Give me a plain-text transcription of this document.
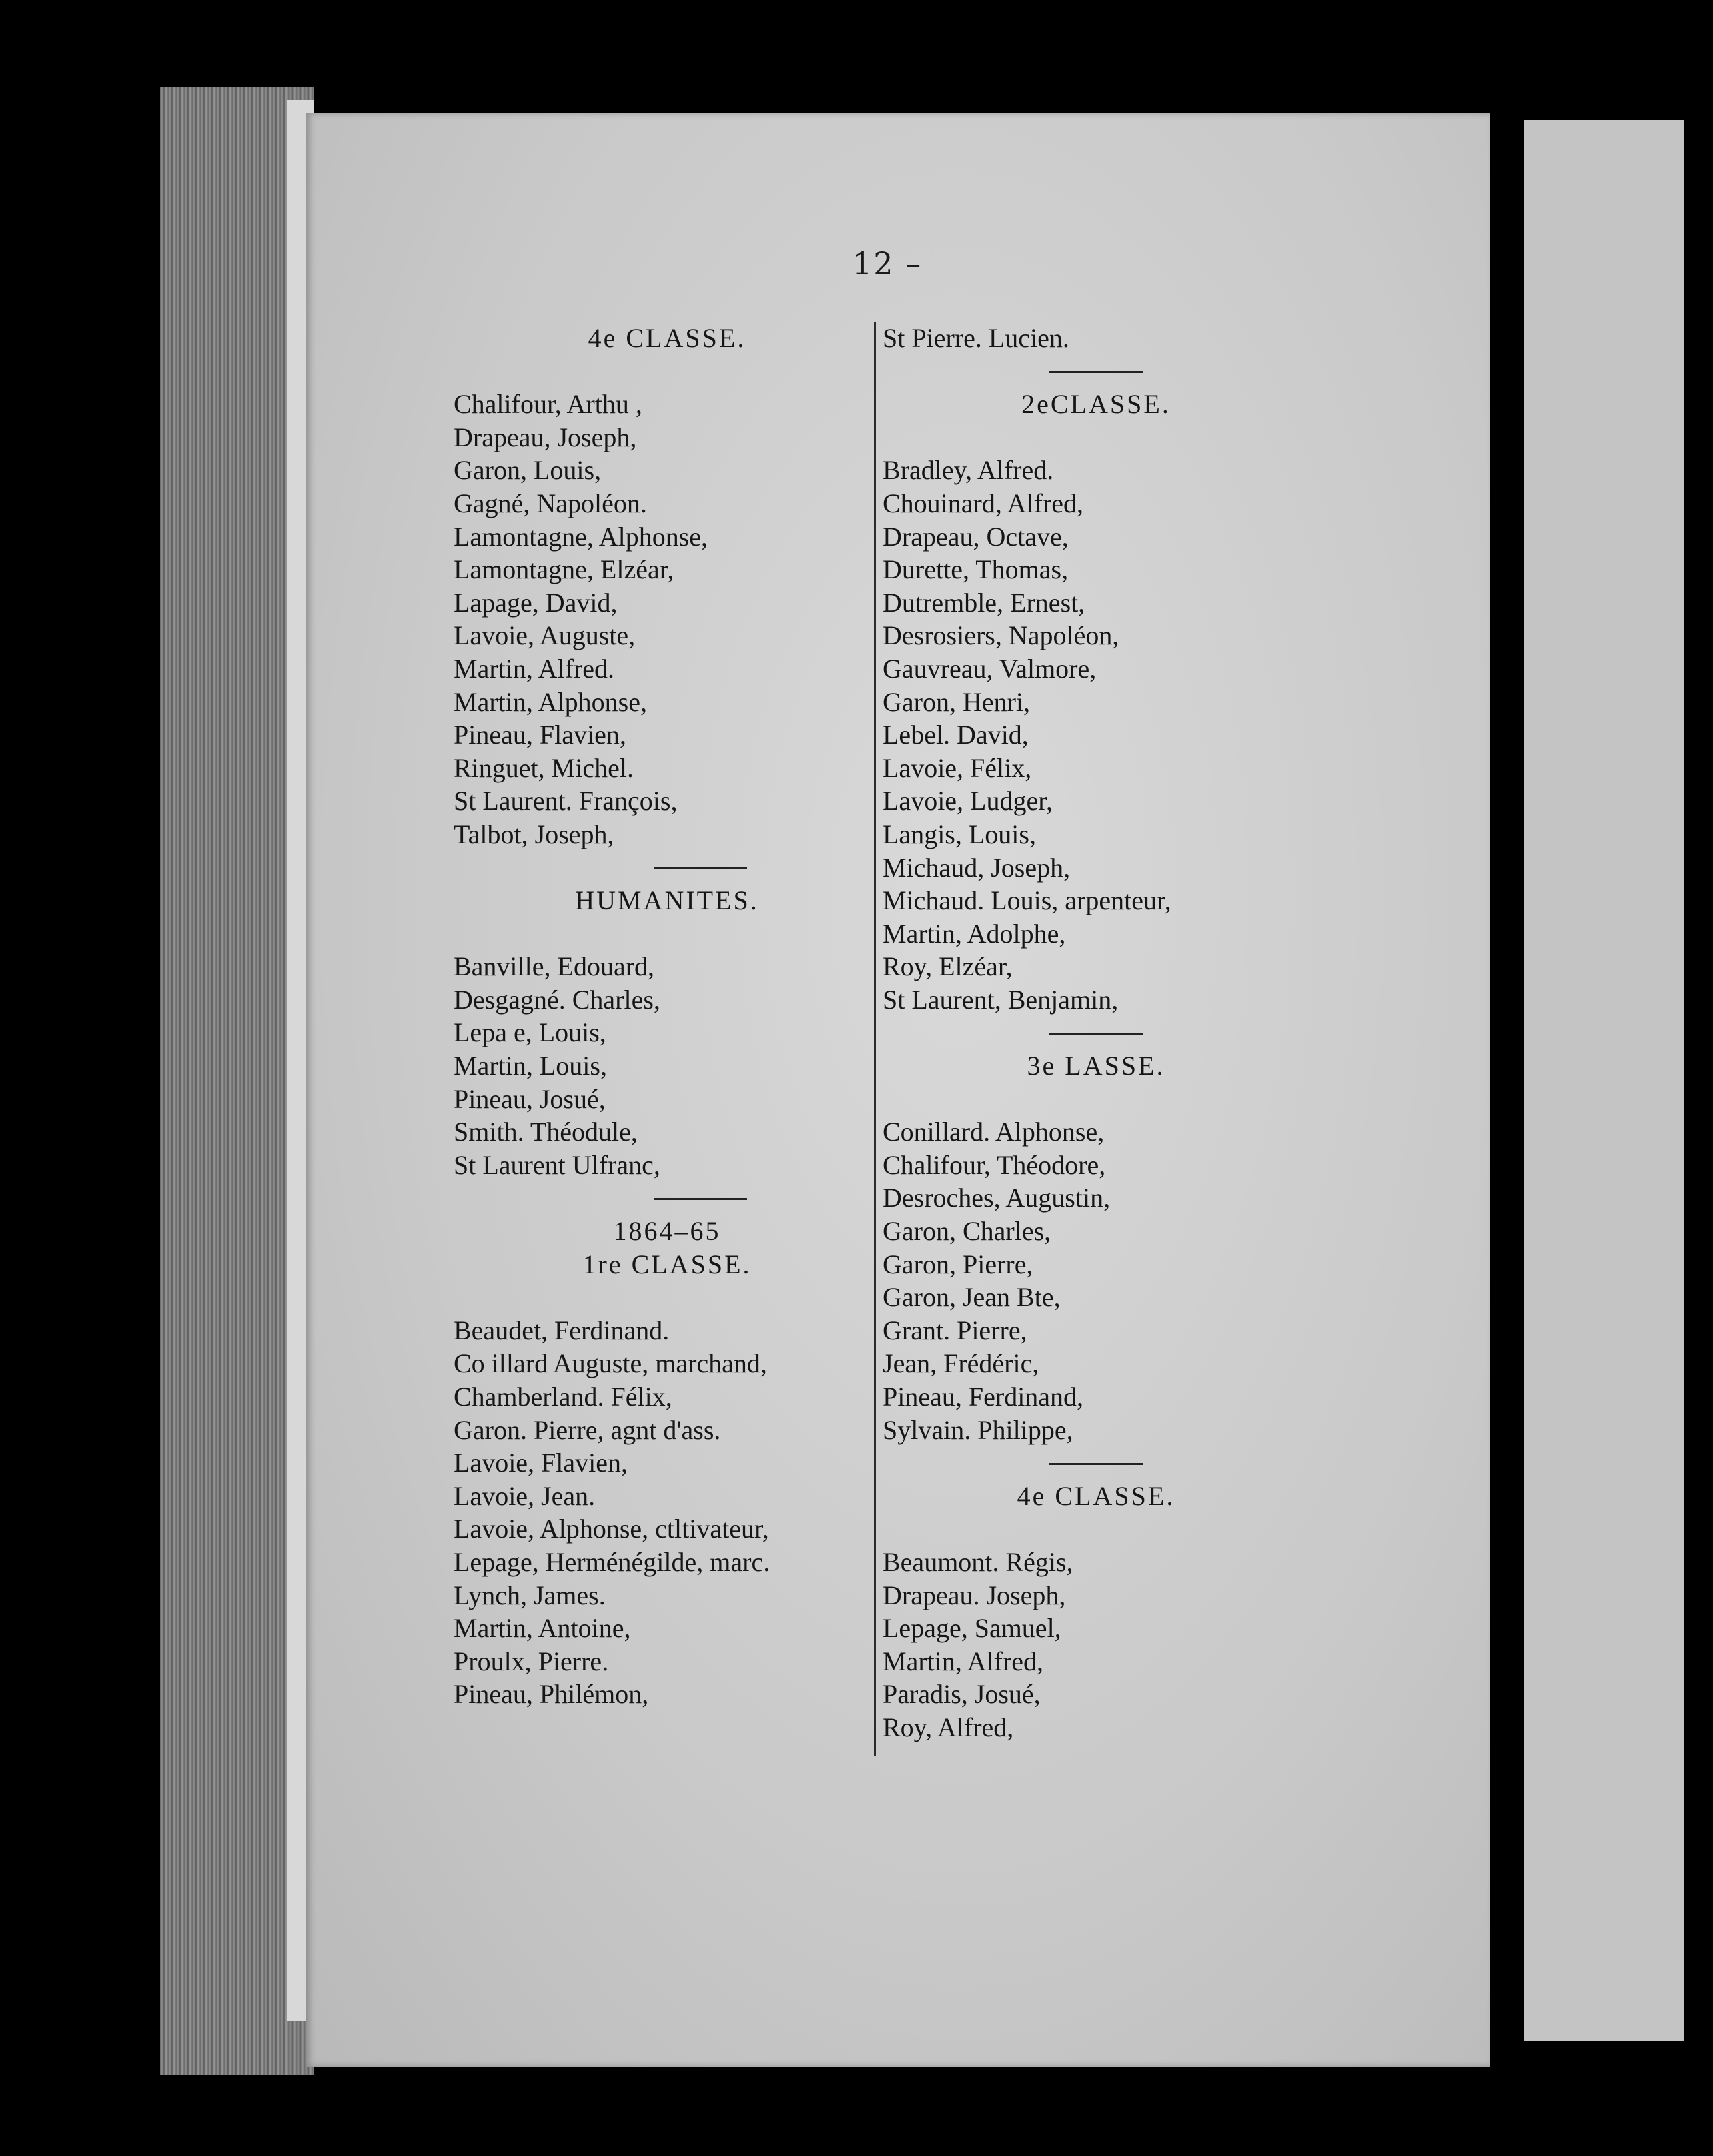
12 –
4e CLASSE.
Chalifour, Arthu ,
Drapeau, Joseph,
Garon, Louis,
Gagné, Napoléon.
Lamontagne, Alphonse,
Lamontagne, Elzéar,
Lapage, David,
Lavoie, Auguste,
Martin, Alfred.
Martin, Alphonse,
Pineau, Flavien,
Ringuet, Michel.
St Laurent. François,
Talbot, Joseph,
HUMANITES.
Banville, Edouard,
Desgagné. Charles,
Lepa e, Louis,
Martin, Louis,
Pineau, Josué,
Smith. Théodule,
St Laurent Ulfranc,
1864–65
1re CLASSE.
Beaudet, Ferdinand.
Co illard Auguste, marchand,
Chamberland. Félix,
Garon. Pierre, agnt d'ass.
Lavoie, Flavien,
Lavoie, Jean.
Lavoie, Alphonse, ctltivateur,
Lepage, Herménégilde, marc.
Lynch, James.
Martin, Antoine,
Proulx, Pierre.
Pineau, Philémon,
St Pierre. Lucien.
2eCLASSE.
Bradley, Alfred.
Chouinard, Alfred,
Drapeau, Octave,
Durette, Thomas,
Dutremble, Ernest,
Desrosiers, Napoléon,
Gauvreau, Valmore,
Garon, Henri,
Lebel. David,
Lavoie, Félix,
Lavoie, Ludger,
Langis, Louis,
Michaud, Joseph,
Michaud. Louis, arpenteur,
Martin, Adolphe,
Roy, Elzéar,
St Laurent, Benjamin,
3e LASSE.
Conillard. Alphonse,
Chalifour, Théodore,
Desroches, Augustin,
Garon, Charles,
Garon, Pierre,
Garon, Jean Bte,
Grant. Pierre,
Jean, Frédéric,
Pineau, Ferdinand,
Sylvain. Philippe,
4e CLASSE.
Beaumont. Régis,
Drapeau. Joseph,
Lepage, Samuel,
Martin, Alfred,
Paradis, Josué,
Roy, Alfred,
